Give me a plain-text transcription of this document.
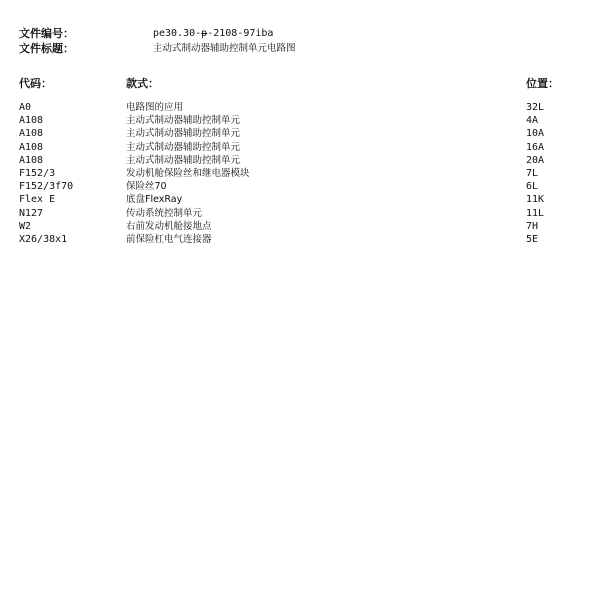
文件编号：	pe30.30-p-2108-97iba
文件标题：	主动式制动器辅助控制单元电路图
代码：	款式：	位置：
A0	电路图的应用	32L
A108	主动式制动器辅助控制单元	4A
A108	主动式制动器辅助控制单元	10A
A108	主动式制动器辅助控制单元	16A
A108	主动式制动器辅助控制单元	20A
F152/3	发动机舱保险丝和继电器模块	7L
F152/3f70	保险丝70	6L
Flex E	底盘FlexRay	11K
N127	传动系统控制单元	11L
W2	右前发动机舱接地点	7H
X26/38x1	前保险杠电气连接器	5E
